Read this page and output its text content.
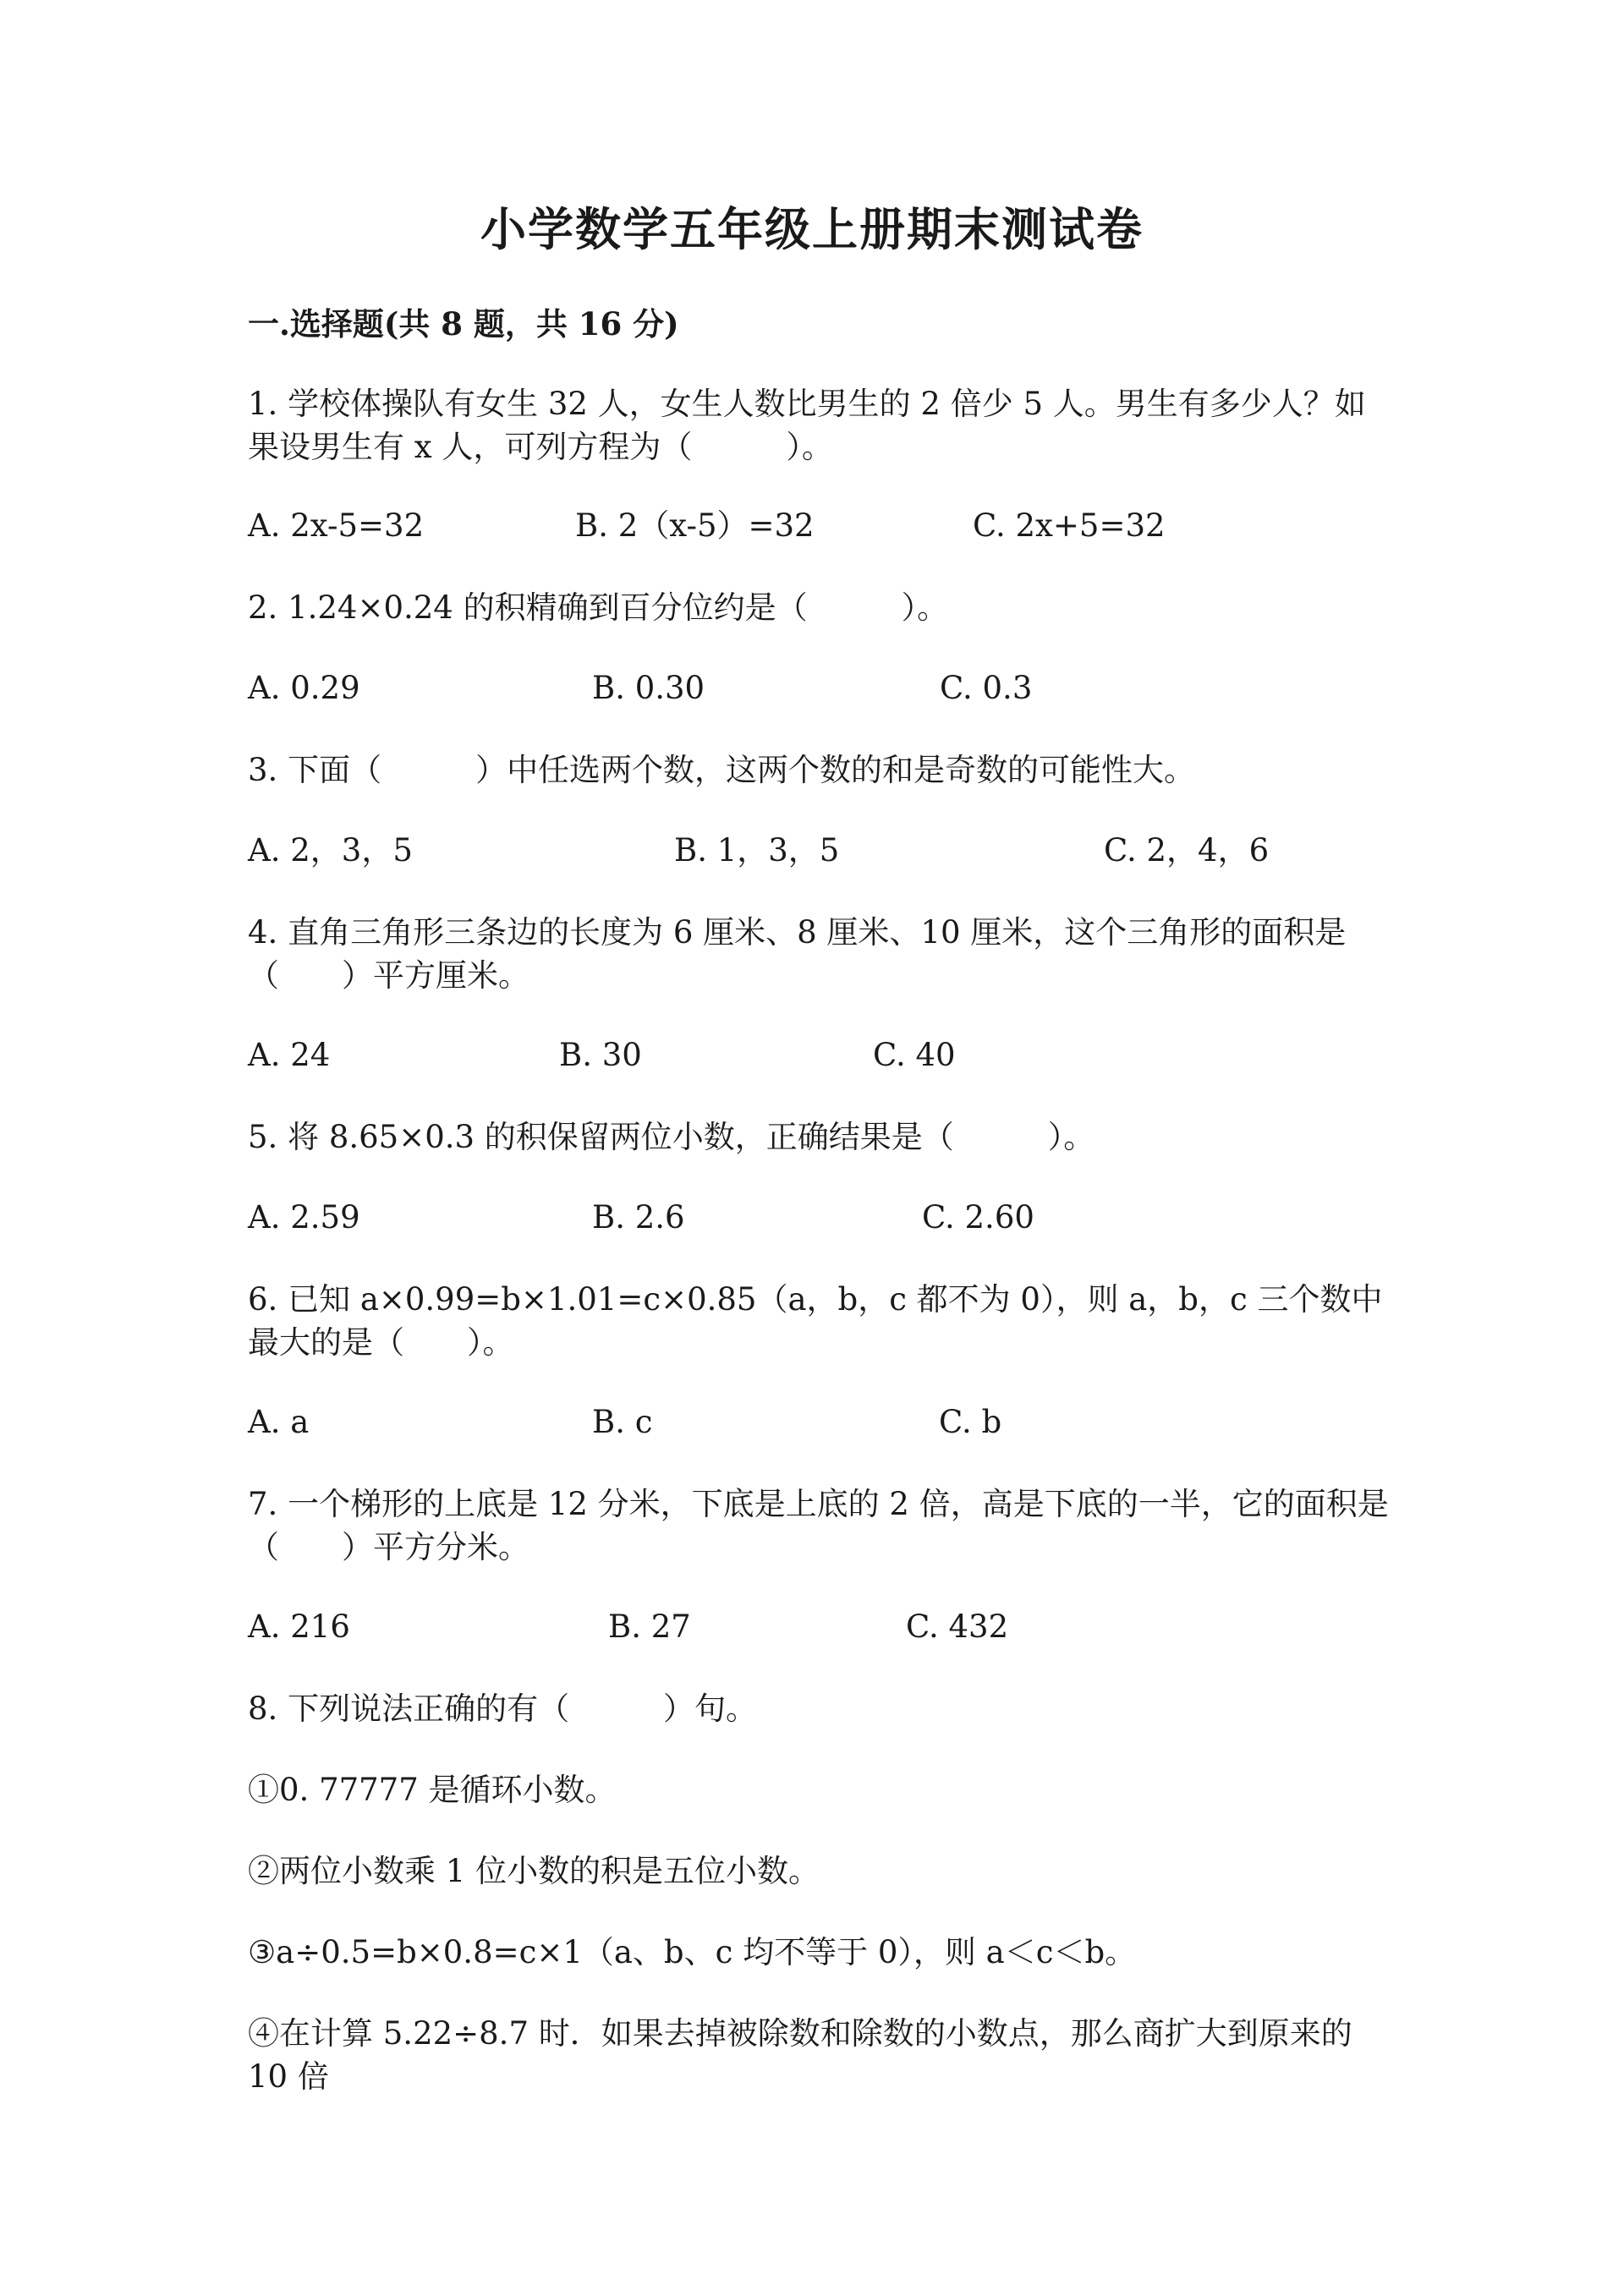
小学数学五年级上册期末测试卷
一.选择题(共 8 题，共 16 分)
1. 学校体操队有女生 32 人，女生人数比男生的 2 倍少 5 人。男生有多少人？如果设男生有 x 人，可列方程为（　　　）。
A. 2x-5=32	B. 2（x-5）=32	C. 2x+5=32
2. 1.24×0.24 的积精确到百分位约是（　　　）。
A. 0.29	B. 0.30	C. 0.3
3. 下面（　　　）中任选两个数，这两个数的和是奇数的可能性大。
A. 2，3，5	B. 1，3，5	C. 2，4，6
4. 直角三角形三条边的长度为 6 厘米、8 厘米、10 厘米，这个三角形的面积是（　　）平方厘米。
A. 24	B. 30	C. 40
5. 将 8.65×0.3 的积保留两位小数，正确结果是（　　　）。
A. 2.59	B. 2.6	C. 2.60
6. 已知 a×0.99=b×1.01=c×0.85（a，b，c 都不为 0），则 a，b，c 三个数中最大的是（　　）。
A. a	B. c	C. b
7. 一个梯形的上底是 12 分米，下底是上底的 2 倍，高是下底的一半，它的面积是（　　）平方分米。
A. 216	B. 27	C. 432
8. 下列说法正确的有（　　　）句。
①0. 77777 是循环小数。
②两位小数乘 1 位小数的积是五位小数。
③a÷0.5=b×0.8=c×1（a、b、c 均不等于 0），则 a＜c＜b。
④在计算 5.22÷8.7 时．如果去掉被除数和除数的小数点，那么商扩大到原来的 10 倍
